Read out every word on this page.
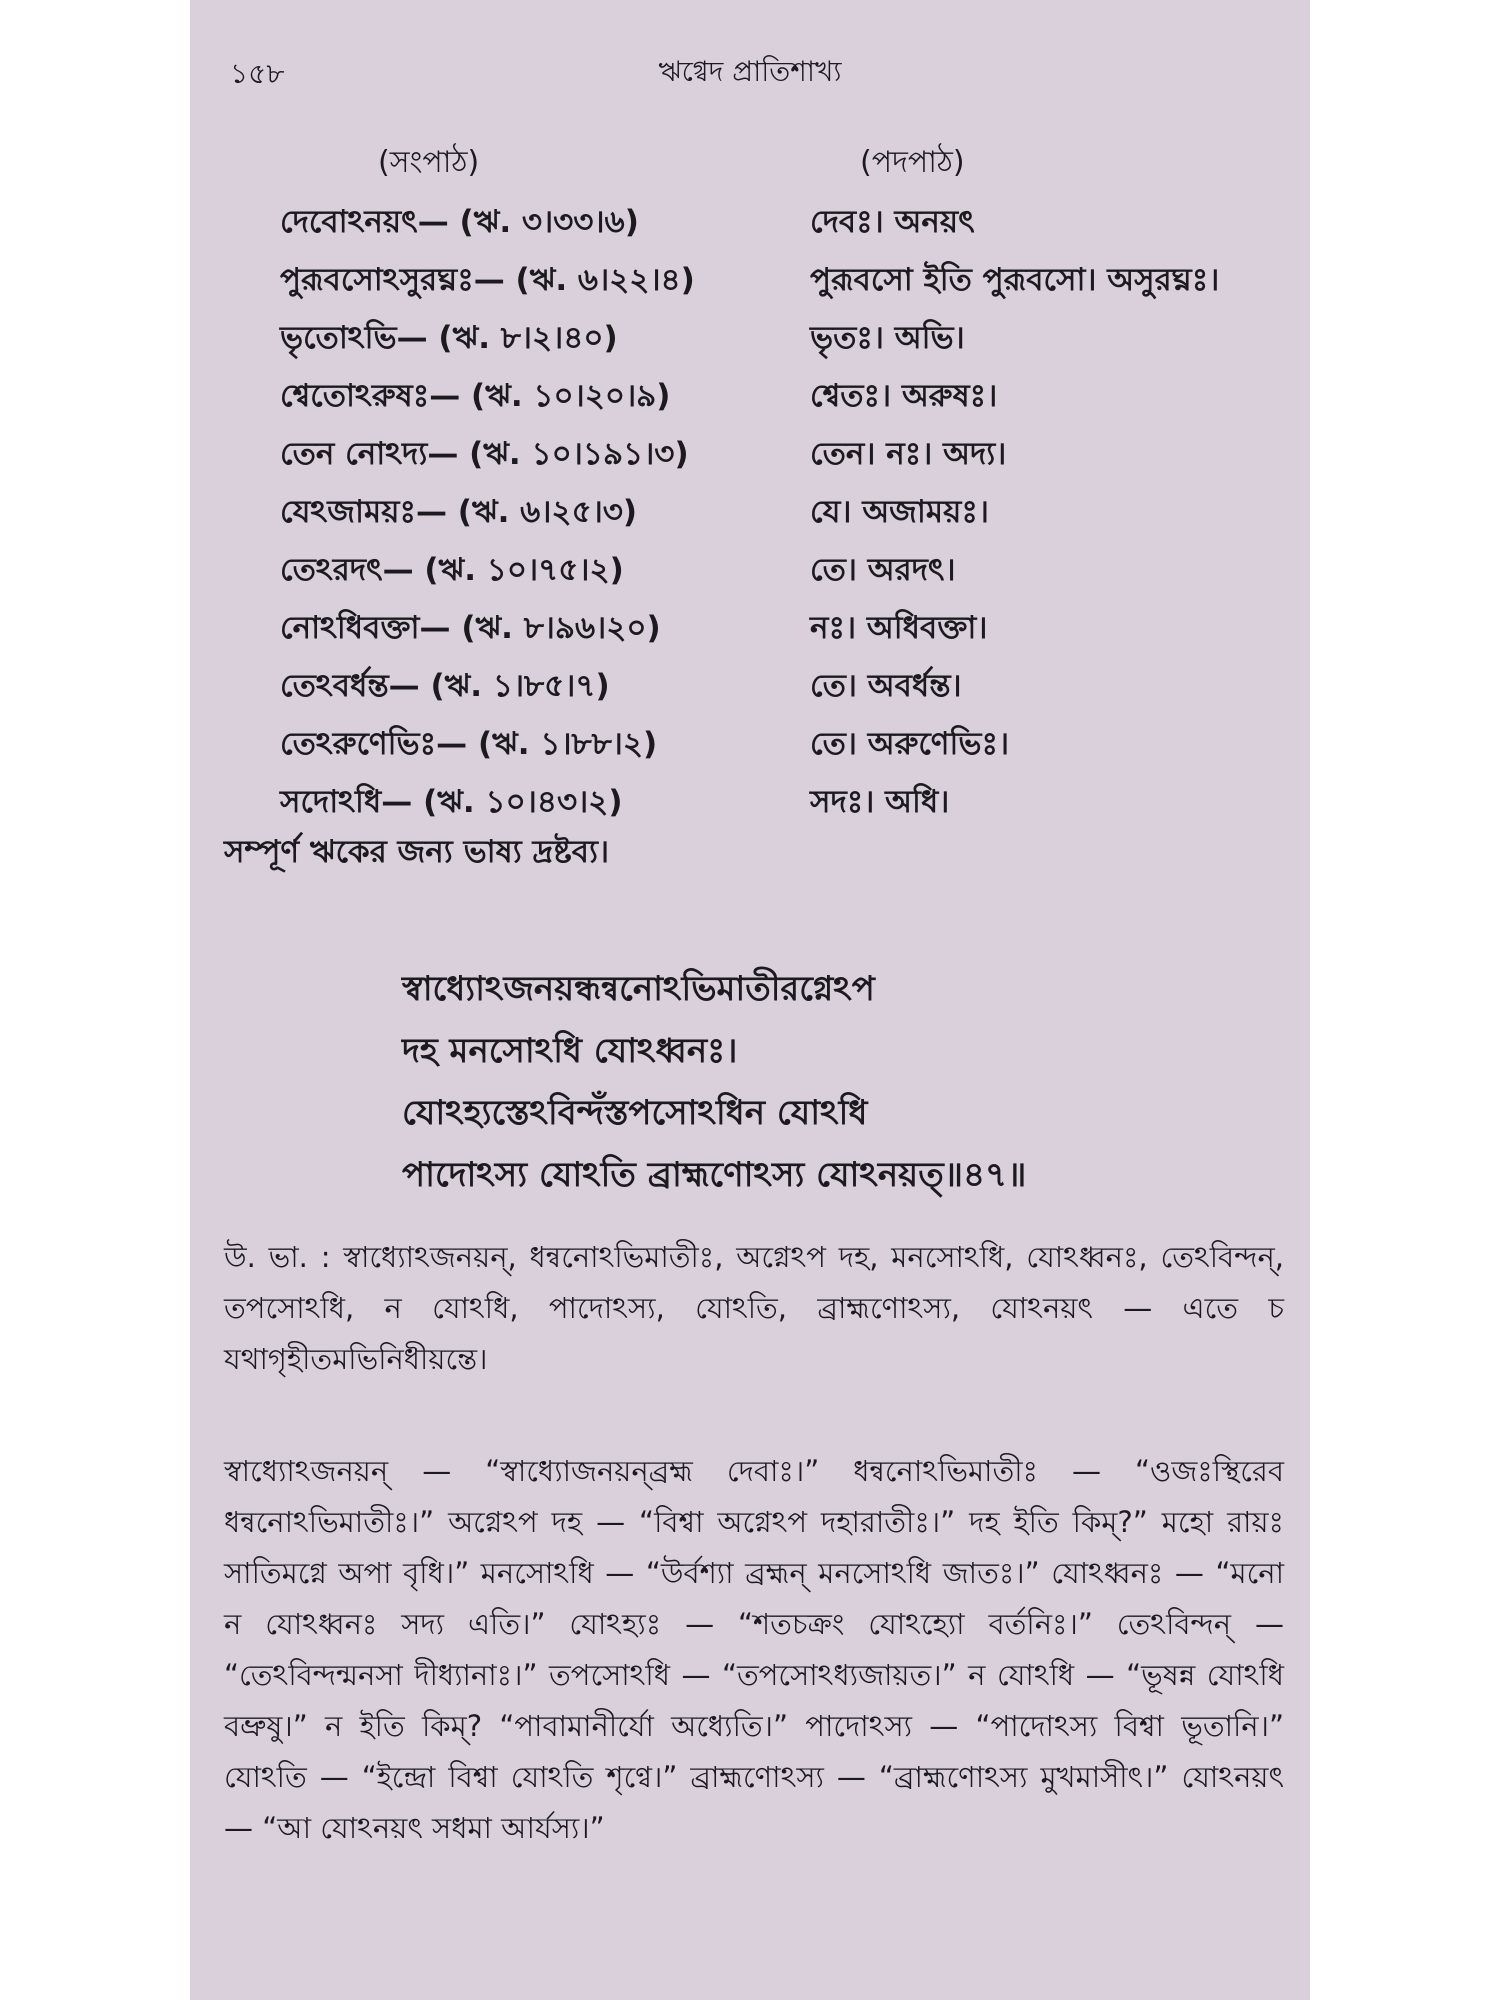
১৫৮	ঋগ্বেদ প্রাতিশাখ্য
(সংপাঠ)	(পদপাঠ)
দেবোঽনয়ৎ— (ঋ. ৩।৩৩।৬)	দেবঃ। অনয়ৎ
পুরূবসোঽসুরঘ্নঃ— (ঋ. ৬।২২।৪)	পুরূবসো ইতি পুরূবসো। অসুরঘ্নঃ।
ভৃতোঽভি— (ঋ. ৮।২।৪০)	ভৃতঃ। অভি।
শ্বেতোঽরুষঃ— (ঋ. ১০।২০।৯)	শ্বেতঃ। অরুষঃ।
তেন নোঽদ্য— (ঋ. ১০।১৯১।৩)	তেন। নঃ। অদ্য।
যেঽজাময়ঃ— (ঋ. ৬।২৫।৩)	যে। অজাময়ঃ।
তেঽরদৎ— (ঋ. ১০।৭৫।২)	তে। অরদৎ।
নোঽধিবক্তা— (ঋ. ৮।৯৬।২০)	নঃ। অধিবক্তা।
তেঽবর্ধন্ত— (ঋ. ১।৮৫।৭)	তে। অবর্ধন্ত।
তেঽরুণেভিঃ— (ঋ. ১।৮৮।২)	তে। অরুণেভিঃ।
সদোঽধি— (ঋ. ১০।৪৩।২)	সদঃ। অধি।
সম্পূর্ণ ঋকের জন্য ভাষ্য দ্রষ্টব্য।
স্বাধ্যোঽজনয়ন্ধন্বনোঽভিমাতীরগ্নেঽপ
দহ মনসোঽধি যোঽধ্বনঃ।
যোঽহ্যস্তেঽবিন্দঁস্তপসোঽধিন যোঽধি
পাদোঽস্য যোঽতি ব্রাহ্মণোঽস্য যোঽনয়ত্॥৪৭॥
উ. ভা. : স্বাধ্যোঽজনয়ন্, ধন্বনোঽভিমাতীঃ, অগ্নেঽপ দহ, মনসোঽধি, যোঽধ্বনঃ, তেঽবিন্দন্, তপসোঽধি, ন যোঽধি, পাদোঽস্য, যোঽতি, ব্রাহ্মণোঽস্য, যোঽনয়ৎ — এতে চ যথাগৃহীতমভিনিধীয়ন্তে।
স্বাধ্যোঽজনয়ন্ — “স্বাধ্যোজনয়ন্‌ব্রহ্ম দেবাঃ।” ধন্বনোঽভিমাতীঃ — “ওজঃস্থিরেব ধন্বনোঽভিমাতীঃ।” অগ্নেঽপ দহ — “বিশ্বা অগ্নেঽপ দহারাতীঃ।” দহ ইতি কিম্?” মহো রায়ঃ সাতিমগ্নে অপা বৃধি।” মনসোঽধি — “উর্বশ্যা ব্রহ্মন্ মনসোঽধি জাতঃ।” যোঽধ্বনঃ — “মনো ন যোঽধ্বনঃ সদ্য এতি।” যোঽহ্যঃ — “শতচক্রং যোঽহ্যো বর্তনিঃ।” তেঽবিন্দন্ — “তেঽবিন্দন্মনসা দীধ্যানাঃ।” তপসোঽধি — “তপসোঽধ্যজায়ত।” ন যোঽধি — “ভূষন্ন যোঽধি বভ্রুষু।” ন ইতি কিম্? “পাবামানীর্যো অধ্যেতি।” পাদোঽস্য — “পাদোঽস্য বিশ্বা ভূতানি।” যোঽতি — “ইন্দ্রো বিশ্বা যোঽতি শৃণ্বে।” ব্রাহ্মণোঽস্য — “ব্রাহ্মণোঽস্য মুখমাসীৎ।” যোঽনয়ৎ — “আ যোঽনয়ৎ সধমা আর্যস্য।”
